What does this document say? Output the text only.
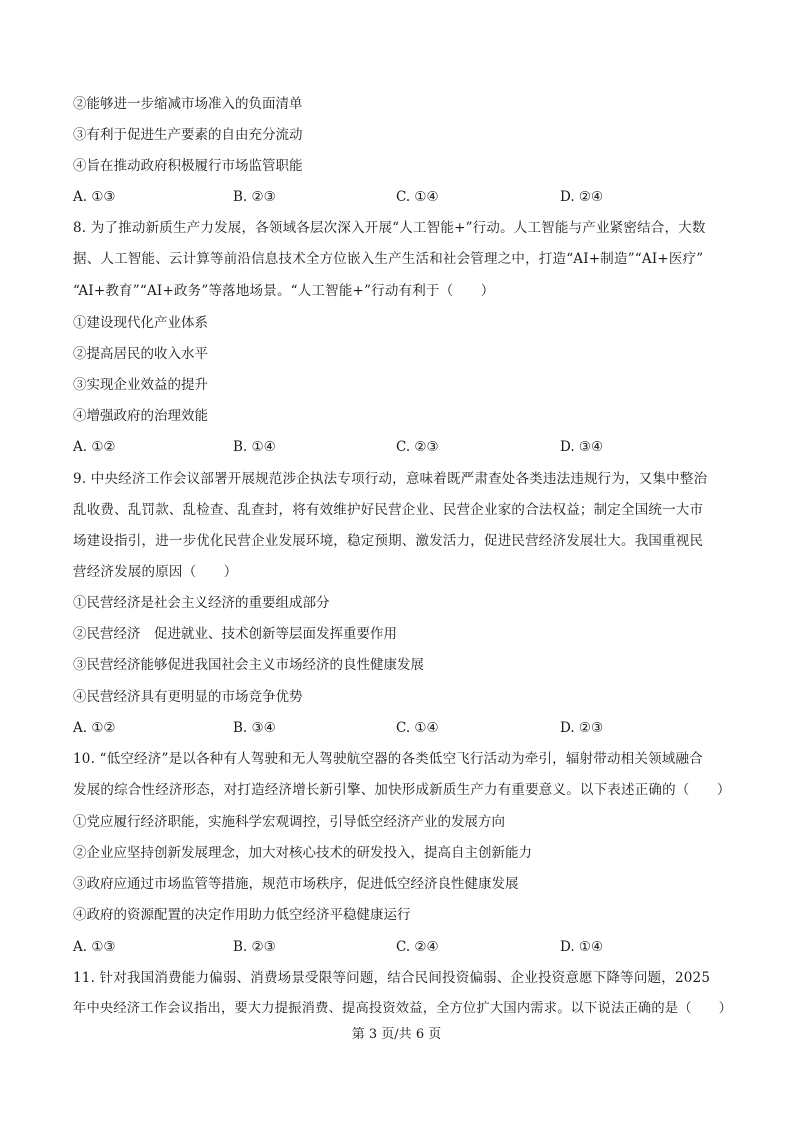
②能够进一步缩减市场准入的负面清单
③有利于促进生产要素的自由充分流动
④旨在推动政府积极履行市场监管职能
A. ①③	B. ②③	C. ①④	D. ②④
8. 为了推动新质生产力发展，各领域各层次深入开展“人工智能+”行动。人工智能与产业紧密结合，大数
据、人工智能、云计算等前沿信息技术全方位嵌入生产生活和社会管理之中，打造“AI+制造”“AI+医疗”
“AI+教育”“AI+政务”等落地场景。“人工智能+”行动有利于（　　）
①建设现代化产业体系
②提高居民的收入水平
③实现企业效益的提升
④增强政府的治理效能
A. ①②	B. ①④	C. ②③	D. ③④
9. 中央经济工作会议部署开展规范涉企执法专项行动，意味着既严肃查处各类违法违规行为，又集中整治
乱收费、乱罚款、乱检查、乱查封，将有效维护好民营企业、民营企业家的合法权益；制定全国统一大市
场建设指引，进一步优化民营企业发展环境，稳定预期、激发活力，促进民营经济发展壮大。我国重视民
营经济发展的原因（　　）
①民营经济是社会主义经济的重要组成部分
②民营经济　促进就业、技术创新等层面发挥重要作用
③民营经济能够促进我国社会主义市场经济的良性健康发展
④民营经济具有更明显的市场竞争优势
A. ①②	B. ③④	C. ①④	D. ②③
10. “低空经济”是以各种有人驾驶和无人驾驶航空器的各类低空飞行活动为牵引，辐射带动相关领域融合
发展的综合性经济形态，对打造经济增长新引擎、加快形成新质生产力有重要意义。以下表述正确的（　　）
①党应履行经济职能，实施科学宏观调控，引导低空经济产业的发展方向
②企业应坚持创新发展理念，加大对核心技术的研发投入，提高自主创新能力
③政府应通过市场监管等措施，规范市场秩序，促进低空经济良性健康发展
④政府的资源配置的决定作用助力低空经济平稳健康运行
A. ①③	B. ②③	C. ②④	D. ①④
11. 针对我国消费能力偏弱、消费场景受限等问题，结合民间投资偏弱、企业投资意愿下降等问题，2025
年中央经济工作会议指出，要大力提振消费、提高投资效益，全方位扩大国内需求。以下说法正确的是（　　）
第 3 页/共 6 页
